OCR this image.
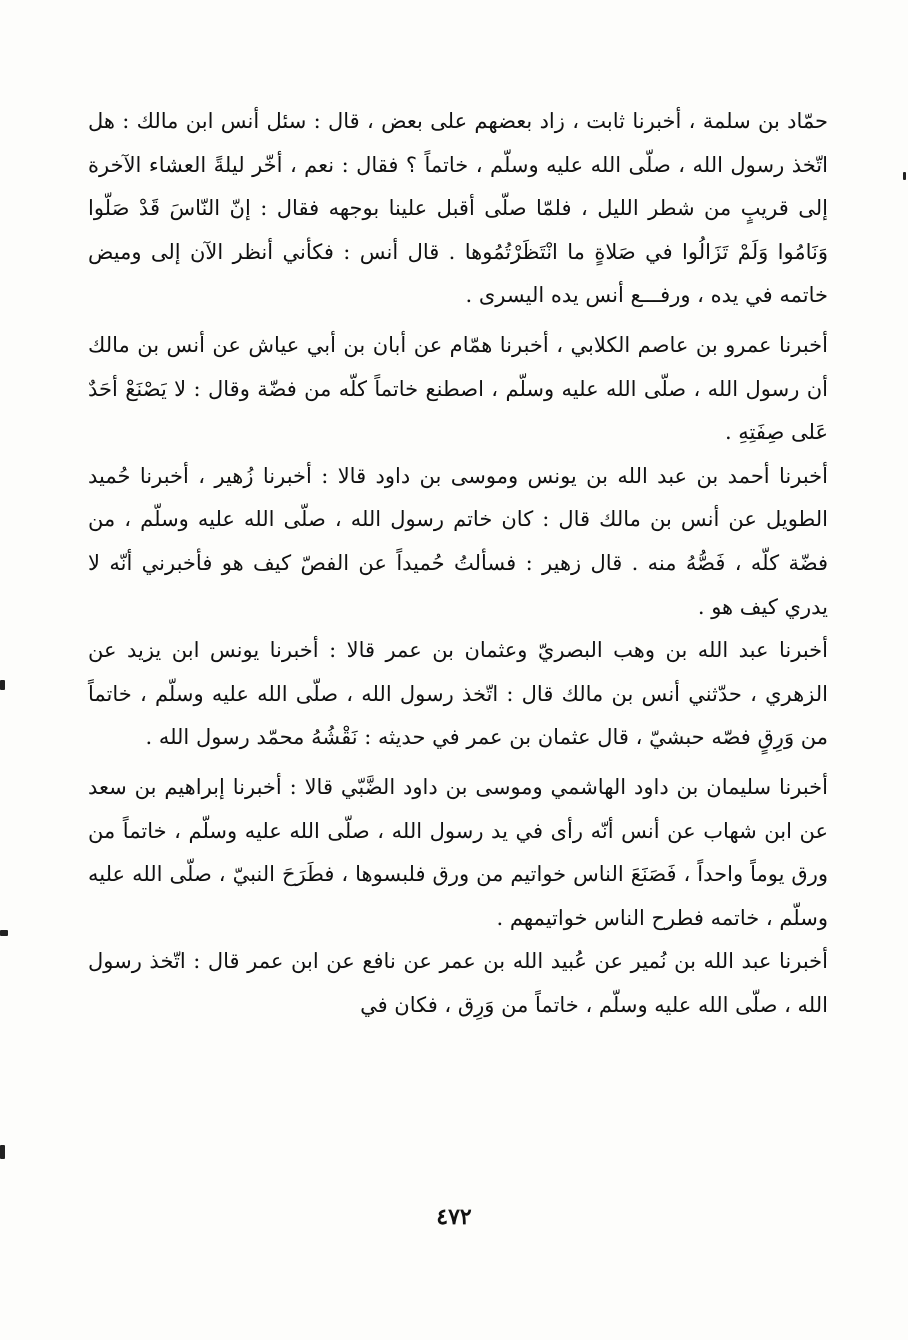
حمّاد بن سلمة ، أخبرنا ثابت ، زاد بعضهم على بعض ، قال : سئل أنس ابن مالك : هل اتّخذ رسول الله ، صلّى الله عليه وسلّم ، خاتماً ؟ فقال : نعم ، أخّر ليلةً العشاء الآخرة إلى قريبٍ من شطر الليل ، فلمّا صلّى أقبل علينا بوجهه فقال : إنّ النّاسَ قَدْ صَلّوا وَنَامُوا وَلَمْ تَزَالُوا في صَلاةٍ ما انْتَظَرْتُمُوها . قال أنس : فكأني أنظر الآن إلى وميض خاتمه في يده ، ورفـــع أنس يده اليسرى .

أخبرنا عمرو بن عاصم الكلابي ، أخبرنا همّام عن أبان بن أبي عياش عن أنس بن مالك أن رسول الله ، صلّى الله عليه وسلّم ، اصطنع خاتماً كلّه من فضّة وقال : لا يَصْنَعْ أحَدٌ عَلى صِفَتِهِ .

أخبرنا أحمد بن عبد الله بن يونس وموسى بن داود قالا : أخبرنا زُهير ، أخبرنا حُميد الطويل عن أنس بن مالك قال : كان خاتم رسول الله ، صلّى الله عليه وسلّم ، من فضّة كلّه ، فَصُّهُ منه . قال زهير : فسألتُ حُميداً عن الفصّ كيف هو فأخبرني أنّه لا يدري كيف هو .

أخبرنا عبد الله بن وهب البصريّ وعثمان بن عمر قالا : أخبرنا يونس ابن يزيد عن الزهري ، حدّثني أنس بن مالك قال : اتّخذ رسول الله ، صلّى الله عليه وسلّم ، خاتماً من وَرِقٍ فصّه حبشيّ ، قال عثمان بن عمر في حديثه : نَقْشُهُ محمّد رسول الله .

أخبرنا سليمان بن داود الهاشمي وموسى بن داود الضَّبّي قالا : أخبرنا إبراهيم بن سعد عن ابن شهاب عن أنس أنّه رأى في يد رسول الله ، صلّى الله عليه وسلّم ، خاتماً من ورق يوماً واحداً ، فَصَنَعَ الناس خواتيم من ورق فلبسوها ، فطَرَحَ النبيّ ، صلّى الله عليه وسلّم ، خاتمه فطرح الناس خواتيمهم .

أخبرنا عبد الله بن نُمير عن عُبيد الله بن عمر عن نافع عن ابن عمر قال : اتّخذ رسول الله ، صلّى الله عليه وسلّم ، خاتماً من وَرِق ، فكان في

٤٧٢
